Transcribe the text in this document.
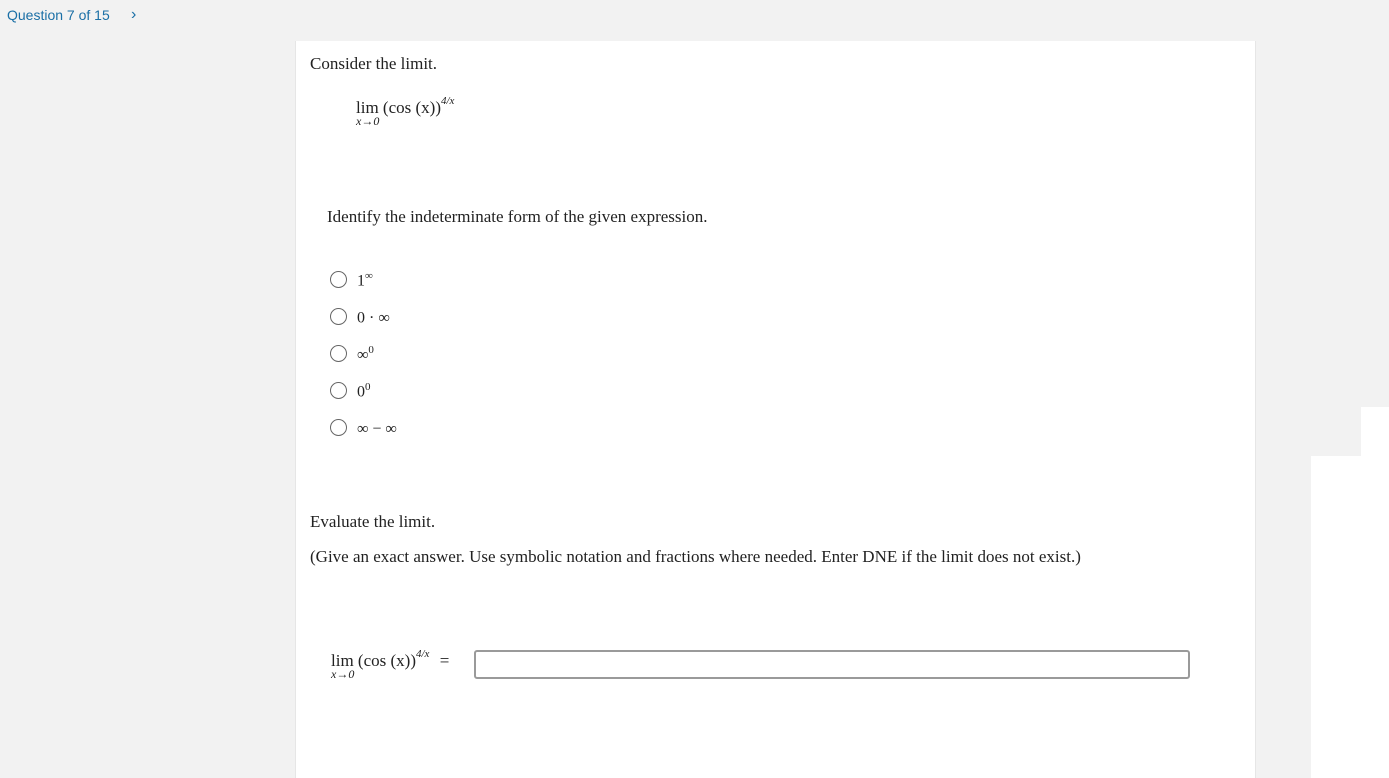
Question 7 of 15 ›
Consider the limit.
lim
x→0
(cos (x))$^{4/x}$
Identify the indeterminate form of the given expression.
1∞
0 · ∞
∞$^0$
$0^0$
∞ − ∞
Evaluate the limit.
(Give an exact answer. Use symbolic notation and fractions where needed. Enter DNE if the limit does not exist.)
lim
x→0
(cos (x))$^{4/x}$ =
